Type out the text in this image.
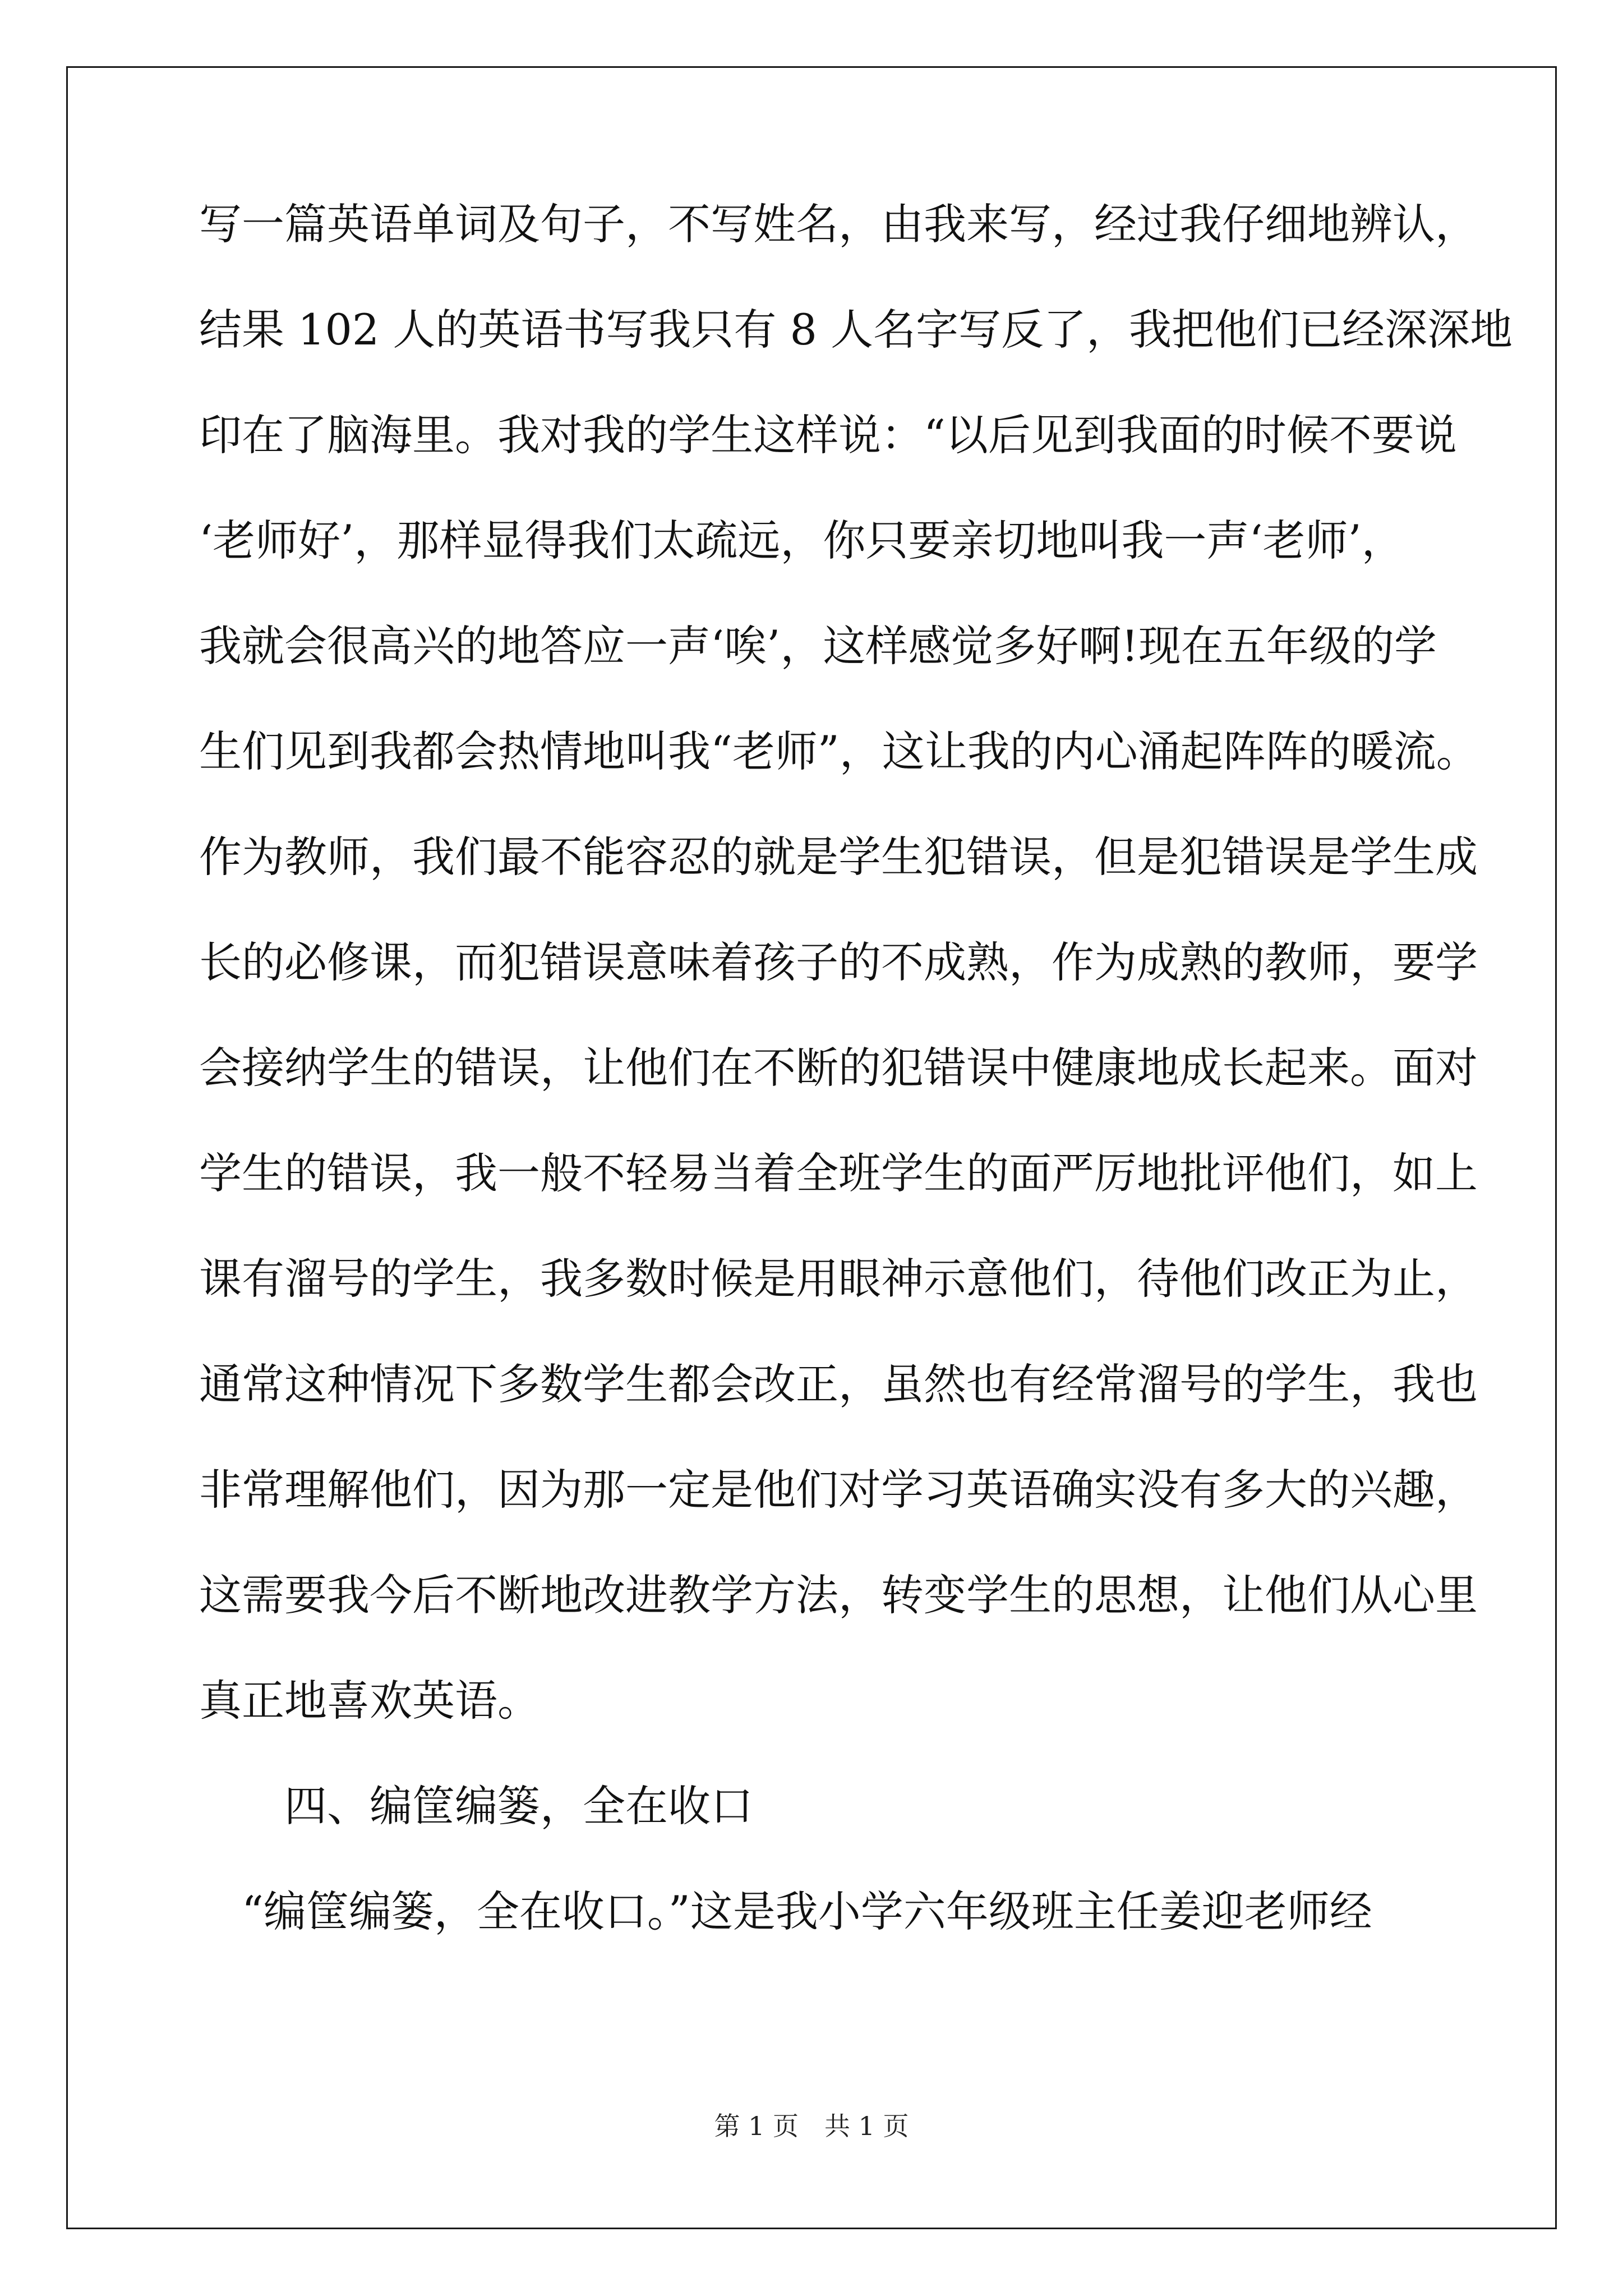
写一篇英语单词及句子，不写姓名，由我来写，经过我仔细地辨认，
结果 102 人的英语书写我只有 8 人名字写反了，我把他们已经深深地
印在了脑海里。我对我的学生这样说：“以后见到我面的时候不要说
‘老师好’，那样显得我们太疏远，你只要亲切地叫我一声‘老师’，
我就会很高兴的地答应一声‘唉’，这样感觉多好啊!现在五年级的学
生们见到我都会热情地叫我“老师”，这让我的内心涌起阵阵的暖流。
作为教师，我们最不能容忍的就是学生犯错误，但是犯错误是学生成
长的必修课，而犯错误意味着孩子的不成熟，作为成熟的教师，要学
会接纳学生的错误，让他们在不断的犯错误中健康地成长起来。面对
学生的错误，我一般不轻易当着全班学生的面严厉地批评他们，如上
课有溜号的学生，我多数时候是用眼神示意他们，待他们改正为止，
通常这种情况下多数学生都会改正，虽然也有经常溜号的学生，我也
非常理解他们，因为那一定是他们对学习英语确实没有多大的兴趣，
这需要我今后不断地改进教学方法，转变学生的思想，让他们从心里
真正地喜欢英语。
　　四、编筐编篓，全在收口
　“编筐编篓，全在收口。”这是我小学六年级班主任姜迎老师经
第 1 页　共 1 页
